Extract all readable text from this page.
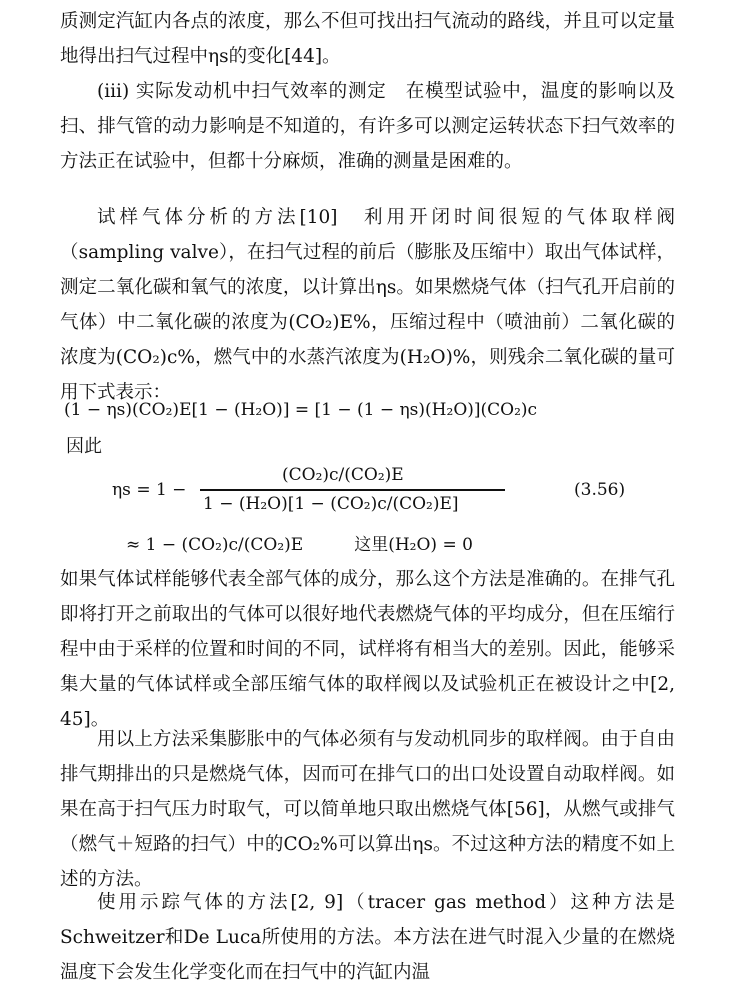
质测定汽缸内各点的浓度，那么不但可找出扫气流动的路线，并且可以定量地得出扫气过程中ηs的变化[44]。

(iii) 实际发动机中扫气效率的测定　在模型试验中，温度的影响以及扫、排气管的动力影响是不知道的，有许多可以测定运转状态下扫气效率的方法正在试验中，但都十分麻烦，准确的测量是困难的。

试样气体分析的方法[10]　利用开闭时间很短的气体取样阀（sampling valve），在扫气过程的前后（膨胀及压缩中）取出气体试样，测定二氧化碳和氧气的浓度，以计算出ηs。如果燃烧气体（扫气孔开启前的气体）中二氧化碳的浓度为(CO₂)E%，压缩过程中（喷油前）二氧化碳的浓度为(CO₂)c%，燃气中的水蒸汽浓度为(H₂O)%，则残余二氧化碳的量可用下式表示：

(1 − ηs)(CO₂)E[1 − (H₂O)] = [1 − (1 − ηs)(H₂O)](CO₂)c
因此
ηs = 1 −
(CO₂)c/(CO₂)E
1 − (H₂O)[1 − (CO₂)c/(CO₂)E]
(3.56)
≈ 1 − (CO₂)c/(CO₂)E　　　这里(H₂O) = 0

如果气体试样能够代表全部气体的成分，那么这个方法是准确的。在排气孔即将打开之前取出的气体可以很好地代表燃烧气体的平均成分，但在压缩行程中由于采样的位置和时间的不同，试样将有相当大的差别。因此，能够采集大量的气体试样或全部压缩气体的取样阀以及试验机正在被设计之中[2, 45]。

用以上方法采集膨胀中的气体必须有与发动机同步的取样阀。由于自由排气期排出的只是燃烧气体，因而可在排气口的出口处设置自动取样阀。如果在高于扫气压力时取气，可以简单地只取出燃烧气体[56]，从燃气或排气（燃气＋短路的扫气）中的CO₂%可以算出ηs。不过这种方法的精度不如上述的方法。

使用示踪气体的方法[2, 9]（tracer gas method）这种方法是Schweitzer和De Luca所使用的方法。本方法在进气时混入少量的在燃烧温度下会发生化学变化而在扫气中的汽缸内温
